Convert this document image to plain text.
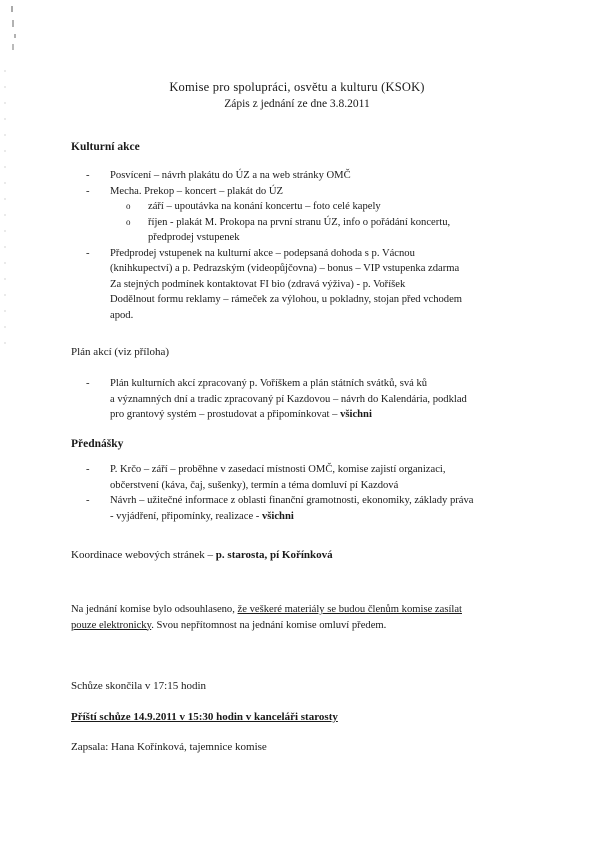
Komise pro spolupráci, osvětu a kulturu (KSOK)
Zápis z jednání ze dne 3.8.2011
Kulturní akce
- Posvícení – návrh plakátu do ÚZ a na web stránky OMČ
- Mecha. Prekop – koncert – plakát do ÚZ
o září – upoutávka na konání koncertu – foto celé kapely
o říjen - plakát M. Prokopa na první stranu ÚZ, info o pořádání koncertu,
předprodej vstupenek
- Předprodej vstupenek na kulturní akce – podepsaná dohoda s p. Vácnou
(knihkupectví) a p. Pedrazským (videopůjčovna) – bonus – VIP vstupenka zdarma
Za stejných podmínek kontaktovat FI bio (zdravá výživa) - p. Voříšek
Dodělnout formu reklamy – rámeček za výlohou, u pokladny, stojan před vchodem
apod.
Plán akcí (viz příloha)
- Plán kulturních akcí zpracovaný p. Voříškem a plán státních svátků, svá ků
a významných dní a tradic zpracovaný pí Kazdovou – návrh do Kalendária, podklad
pro grantový systém – prostudovat a připomínkovat – všichni
Přednášky
- P. Krčo – září – proběhne v zasedací místnosti OMČ, komise zajistí organizaci,
občerstvení (káva, čaj, sušenky), termín a téma domluví pí Kazdová
- Návrh – užitečné informace z oblasti finanční gramotnosti, ekonomiky, základy práva
- vyjádření, připomínky, realizace - všichni
Koordinace webových stránek – p. starosta, pí Kořínková
Na jednání komise bylo odsouhlaseno, že veškeré materiály se budou členům komise zasílat
pouze elektronicky. Svou nepřítomnost na jednání komise omluví předem.
Schůze skončila v 17:15 hodin
Příští schůze 14.9.2011 v 15:30 hodin v kanceláři starosty
Zapsala: Hana Kořínková, tajemnice komise
